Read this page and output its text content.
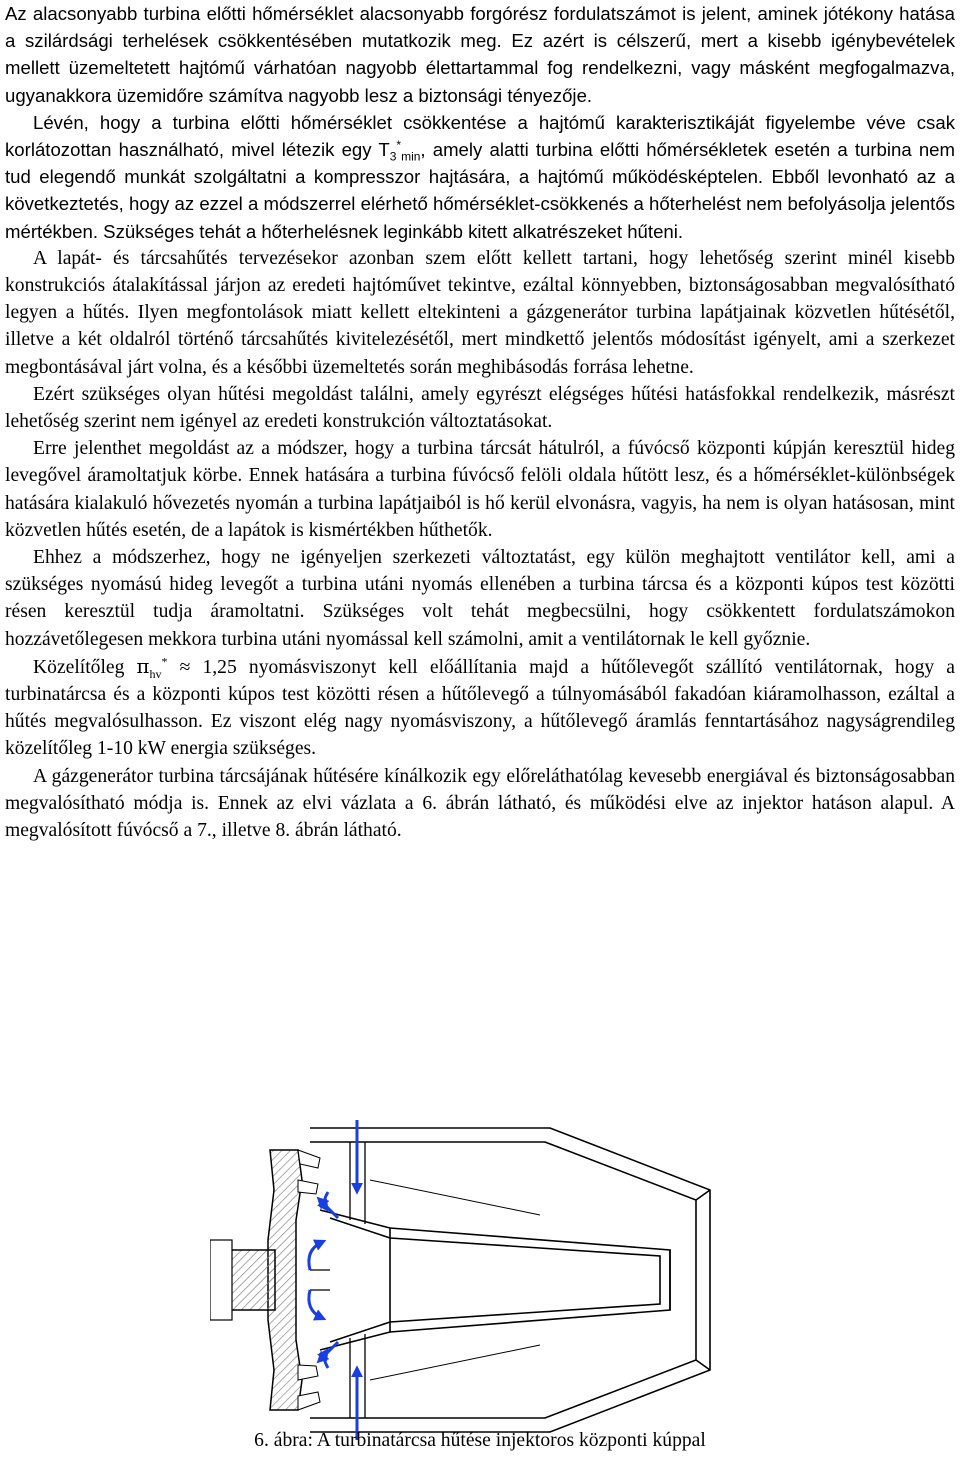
Az alacsonyabb turbina előtti hőmérséklet alacsonyabb forgórész fordulatszámot is jelent, aminek jótékony hatása a szilárdsági terhelések csökkentésében mutatkozik meg. Ez azért is célszerű, mert a kisebb igénybevételek mellett üzemeltetett hajtómű várhatóan nagyobb élettartammal fog rendelkezni, vagy másként megfogalmazva, ugyanakkora üzemidőre számítva nagyobb lesz a biztonsági tényezője.

Lévén, hogy a turbina előtti hőmérséklet csökkentése a hajtómű karakterisztikáját figyelembe véve csak korlátozottan használható, mivel létezik egy $T_3^*_{min}$, amely alatti turbina előtti hőmérsékletek esetén a turbina nem tud elegendő munkát szolgáltatni a kompresszor hajtására, a hajtómű működésképtelen. Ebből levonható az a következtetés, hogy az ezzel a módszerrel elérhető hőmérséklet-csökkenés a hőterhelést nem befolyásolja jelentős mértékben. Szükséges tehát a hőterhelésnek leginkább kitett alkatrészeket hűteni.

A lapát- és tárcsahűtés tervezésekor azonban szem előtt kellett tartani, hogy lehetőség szerint minél kisebb konstrukciós átalakítással járjon az eredeti hajtóművet tekintve, ezáltal könnyebben, biztonságosabban megvalósítható legyen a hűtés. Ilyen megfontolások miatt kellett eltekinteni a gázgenerátor turbina lapátjainak közvetlen hűtésétől, illetve a két oldalról történő tárcsahűtés kivitelezésétől, mert mindkettő jelentős módosítást igényelt, ami a szerkezet megbontásával járt volna, és a későbbi üzemeltetés során meghibásodás forrása lehetne.

Ezért szükséges olyan hűtési megoldást találni, amely egyrészt elégséges hűtési hatásfokkal rendelkezik, másrészt lehetőség szerint nem igényel az eredeti konstrukción változtatásokat.

Erre jelenthet megoldást az a módszer, hogy a turbina tárcsát hátulról, a fúvócső központi kúpján keresztül hideg levegővel áramoltatjuk körbe. Ennek hatására a turbina fúvócső felöli oldala hűtött lesz, és a hőmérséklet-különbségek hatására kialakuló hővezetés nyomán a turbina lapátjaiból is hő kerül elvonásra, vagyis, ha nem is olyan hatásosan, mint közvetlen hűtés esetén, de a lapátok is kismértékben hűthetők.

Ehhez a módszerhez, hogy ne igényeljen szerkezeti változtatást, egy külön meghajtott ventilátor kell, ami a szükséges nyomású hideg levegőt a turbina utáni nyomás ellenében a turbina tárcsa és a központi kúpos test közötti résen keresztül tudja áramoltatni. Szükséges volt tehát megbecsülni, hogy csökkentett fordulatszámokon hozzávetőlegesen mekkora turbina utáni nyomással kell számolni, amit a ventilátornak le kell győznie.

Közelítőleg $\pi_{hv}^* \approx 1,25$ nyomásviszonyt kell előállítania majd a hűtőlevegőt szállító ventilátornak, hogy a turbinatárcsa és a központi kúpos test közötti résen a hűtőlevegő a túlnyomásából fakadóan kiáramolhasson, ezáltal a hűtés megvalósulhasson. Ez viszont elég nagy nyomásviszony, a hűtőlevegő áramlás fenntartásához nagyságrendileg közelítőleg 1-10 kW energia szükséges.

A gázgenerátor turbina tárcsájának hűtésére kínálkozik egy előreláthatólag kevesebb energiával és biztonságosabban megvalósítható módja is. Ennek az elvi vázlata a 6. ábrán látható, és működési elve az injektor hatáson alapul. A megvalósított fúvócső a 7., illetve 8. ábrán látható.

6. ábra: A turbinatárcsa hűtése injektoros központi kúppal
